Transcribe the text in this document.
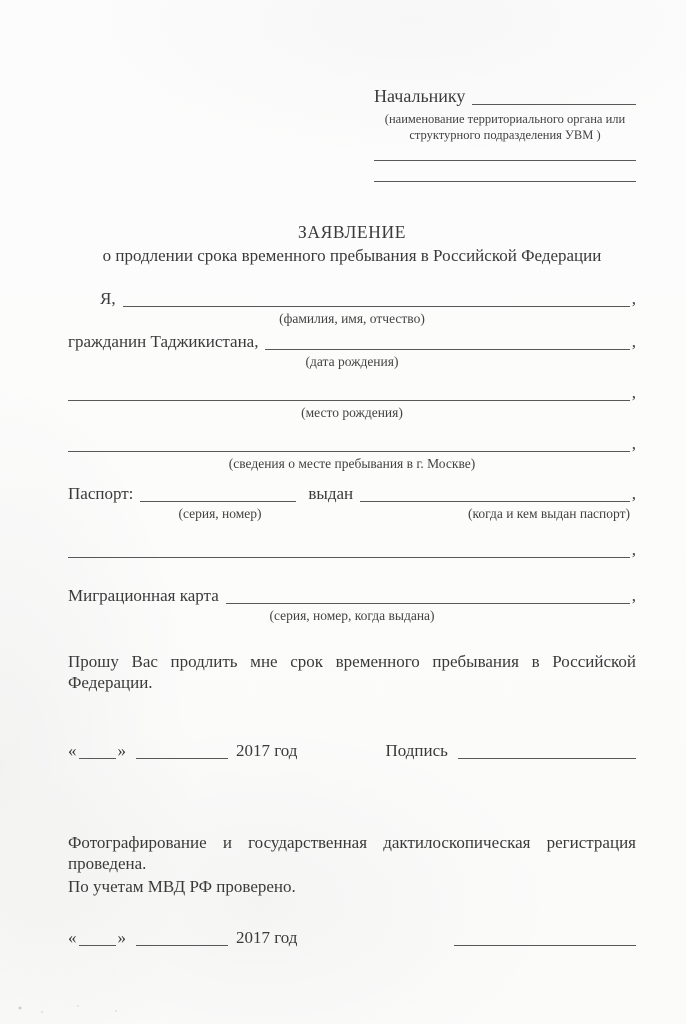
Начальнику
(наименование территориального органа или
структурного подразделения УВМ )
ЗАЯВЛЕНИЕ
о продлении срока временного пребывания в Российской Федерации
Я,	,
(фамилия, имя, отчество)
гражданин Таджикистана,	,
(дата рождения)
,
(место рождения)
,
(сведения о месте пребывания в г. Москве)
Паспорт:	выдан	,
(серия, номер)	(когда и кем выдан паспорт)
,
Миграционная карта	,
(серия, номер, когда выдана)
Прошу Вас продлить мне срок временного пребывания в Российской
Федерации.
« »	2017 год	Подпись
Фотографирование и государственная дактилоскопическая регистрация
проведена.
По учетам МВД РФ проверено.
« »	2017 год
